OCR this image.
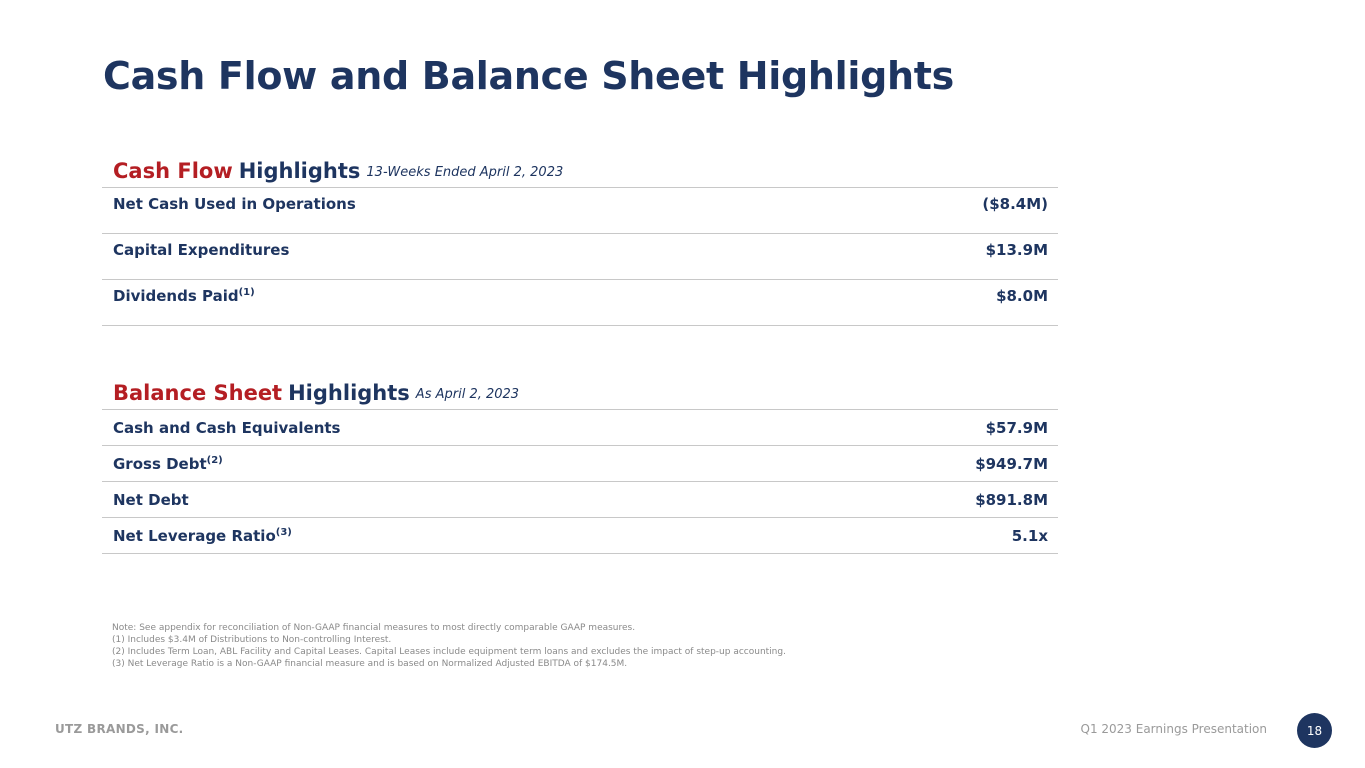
Cash Flow and Balance Sheet Highlights
Cash Flow Highlights 13-Weeks Ended April 2, 2023
Net Cash Used in Operations	($8.4M)
Capital Expenditures	$13.9M
Dividends Paid$^{(1)}$	$8.0M
Balance Sheet Highlights As April 2, 2023
Cash and Cash Equivalents	$57.9M
Gross Debt$^{(2)}$	$949.7M
Net Debt	$891.8M
Net Leverage Ratio$^{(3)}$	5.1x
Note: See appendix for reconciliation of Non-GAAP financial measures to most directly comparable GAAP measures.
(1) Includes $3.4M of Distributions to Non-controlling Interest.
(2) Includes Term Loan, ABL Facility and Capital Leases. Capital Leases include equipment term loans and excludes the impact of step-up accounting.
(3) Net Leverage Ratio is a Non-GAAP financial measure and is based on Normalized Adjusted EBITDA of $174.5M.
UTZ BRANDS, INC.	Q1 2023 Earnings Presentation	18
